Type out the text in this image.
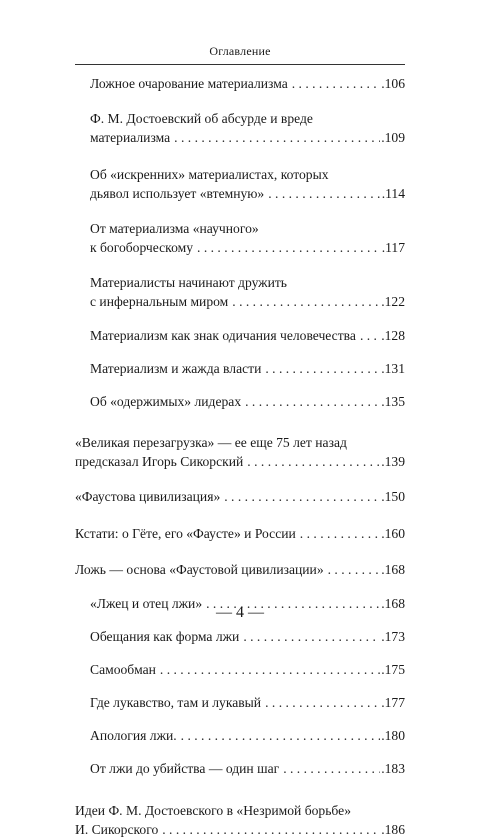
Оглавление
Ложное очарование материализма . . .	.106
Ф. М. Достоевский об абсурде и вреде
материализма . . .	.109
Об «искренних» материалистах, которых
дьявол использует «втемную» . . .	.114
От материализма «научного»
к богоборческому . . .	.117
Материалисты начинают дружить
с инфернальным миром . . .	.122
Материализм как знак одичания человечества . . . .128
Материализм и жажда власти . . .	.131
Об «одержимых» лидерах . . .	.135
«Великая перезагрузка» — ее еще 75 лет назад
предсказал Игорь Сикорский . . .	.139
«Фаустова цивилизация» . . .	.150
Кстати: о Гёте, его «Фаусте» и России . . .	.160
Ложь — основа «Фаустовой цивилизации» . . .	.168
«Лжец и отец лжи» . . .	.168
Обещания как форма лжи . . .	.173
Самообман . . .	.175
Где лукавство, там и лукавый . . .	.177
Апология лжи. . . .	.180
От лжи до убийства — один шаг . . .	.183
Идеи Ф. М. Достоевского в «Незримой борьбе»
И. Сикорского . . .	.186
— 4 —
